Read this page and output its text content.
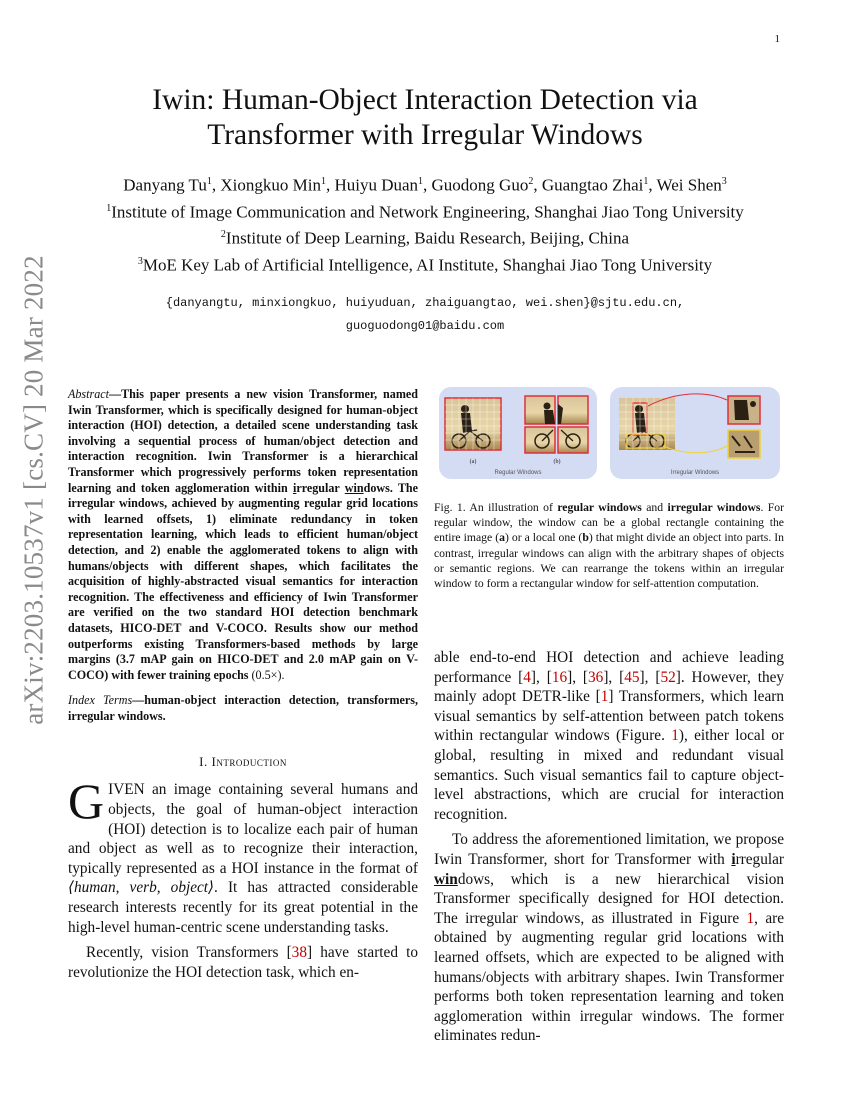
1
arXiv:2203.10537v1 [cs.CV] 20 Mar 2022
Iwin: Human-Object Interaction Detection via
Transformer with Irregular Windows
Danyang Tu$^1$, Xiongkuo Min$^1$, Huiyu Duan$^1$, Guodong Guo$^2$, Guangtao Zhai$^1$, Wei Shen$^3$
$^1$Institute of Image Communication and Network Engineering, Shanghai Jiao Tong University
$^2$Institute of Deep Learning, Baidu Research, Beijing, China
$^3$MoE Key Lab of Artificial Intelligence, AI Institute, Shanghai Jiao Tong University
{danyangtu, minxiongkuo, huiyuduan, zhaiguangtao, wei.shen}@sjtu.edu.cn,
guoguodong01@baidu.com

Abstract—This paper presents a new vision Transformer, named Iwin Transformer, which is specifically designed for human-object interaction (HOI) detection, a detailed scene understanding task involving a sequential process of human/object detection and interaction recognition. Iwin Transformer is a hierarchical Transformer which progressively performs token representation learning and token agglomeration within irregular windows. The irregular windows, achieved by augmenting regular grid locations with learned offsets, 1) eliminate redundancy in token representation learning, which leads to efficient human/object detection, and 2) enable the agglomerated tokens to align with humans/objects with different shapes, which facilitates the acquisition of highly-abstracted visual semantics for interaction recognition. The effectiveness and efficiency of Iwin Transformer are verified on the two standard HOI detection benchmark datasets, HICO-DET and V-COCO. Results show our method outperforms existing Transformers-based methods by large margins (3.7 mAP gain on HICO-DET and 2.0 mAP gain on V-COCO) with fewer training epochs (0.5×).

Index Terms—human-object interaction detection, transformers, irregular windows.

I. Introduction

GIVEN an image containing several humans and objects, the goal of human-object interaction (HOI) detection is to localize each pair of human and object as well as to recognize their interaction, typically represented as a HOI instance in the format of ⟨human, verb, object⟩. It has attracted considerable research interests recently for its great potential in the high-level human-centric scene understanding tasks.

Recently, vision Transformers [38] have started to revolutionize the HOI detection task, which en-

(a)	(b)
Regular Windows	Irregular Windows

Fig. 1. An illustration of regular windows and irregular windows. For regular window, the window can be a global rectangle containing the entire image (a) or a local one (b) that might divide an object into parts. In contrast, irregular windows can align with the arbitrary shapes of objects or semantic regions. We can rearrange the tokens within an irregular window to form a rectangular window for self-attention computation.

able end-to-end HOI detection and achieve leading performance [4], [16], [36], [45], [52]. However, they mainly adopt DETR-like [1] Transformers, which learn visual semantics by self-attention between patch tokens within rectangular windows (Figure. 1), either local or global, resulting in mixed and redundant visual semantics. Such visual semantics fail to capture object-level abstractions, which are crucial for interaction recognition.

To address the aforementioned limitation, we propose Iwin Transformer, short for Transformer with irregular windows, which is a new hierarchical vision Transformer specifically designed for HOI detection. The irregular windows, as illustrated in Figure 1, are obtained by augmenting regular grid locations with learned offsets, which are expected to be aligned with humans/objects with arbitrary shapes. Iwin Transformer performs both token representation learning and token agglomeration within irregular windows. The former eliminates redun-
